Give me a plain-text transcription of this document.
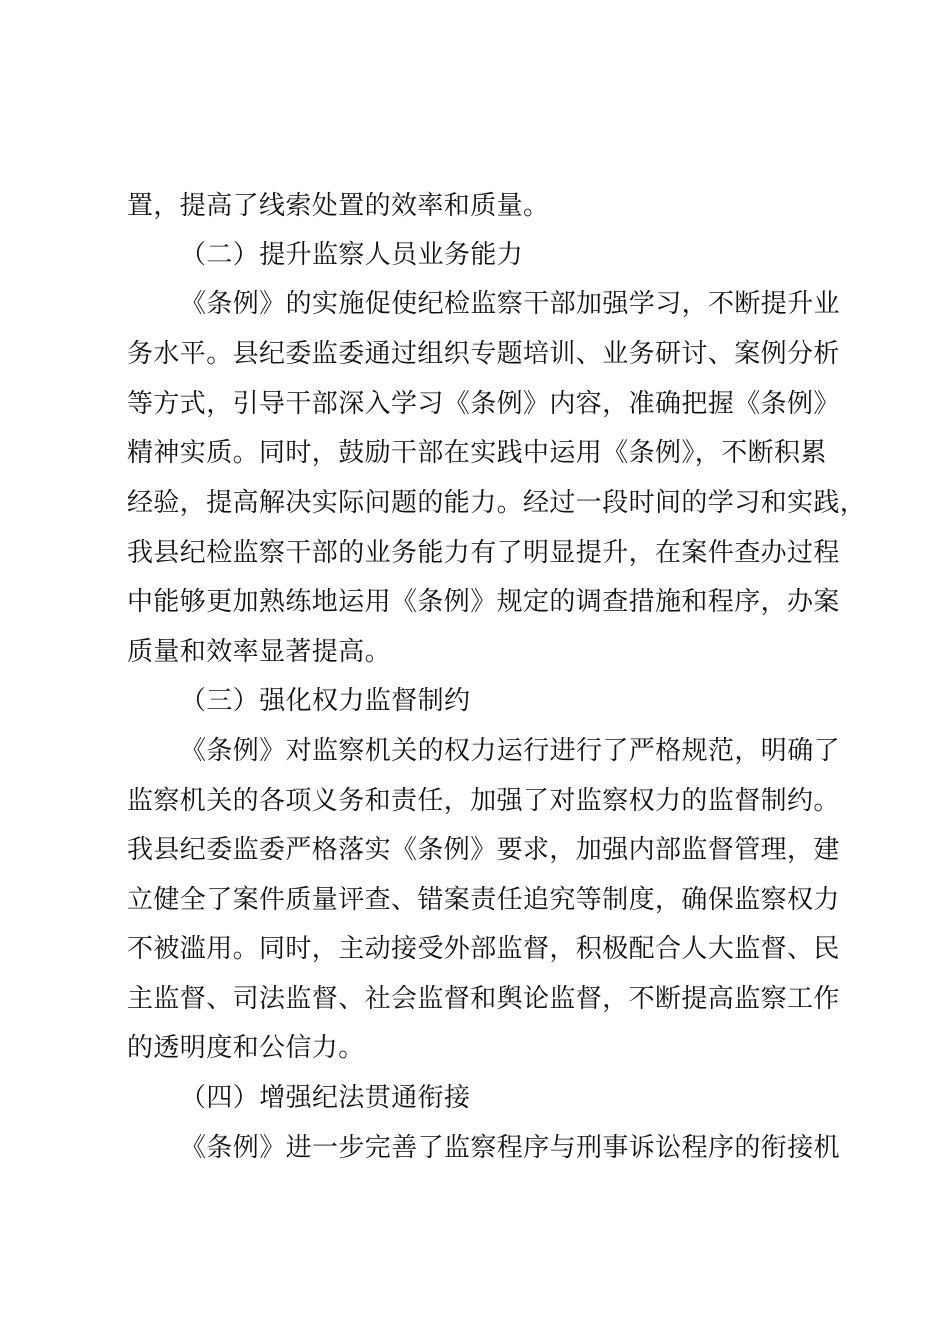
置，提高了线索处置的效率和质量。
（二）提升监察人员业务能力
《条例》的实施促使纪检监察干部加强学习，不断提升业
务水平。县纪委监委通过组织专题培训、业务研讨、案例分析
等方式，引导干部深入学习《条例》内容，准确把握《条例》
精神实质。同时，鼓励干部在实践中运用《条例》，不断积累
经验，提高解决实际问题的能力。经过一段时间的学习和实践，
我县纪检监察干部的业务能力有了明显提升，在案件查办过程
中能够更加熟练地运用《条例》规定的调查措施和程序，办案
质量和效率显著提高。
（三）强化权力监督制约
《条例》对监察机关的权力运行进行了严格规范，明确了
监察机关的各项义务和责任，加强了对监察权力的监督制约。
我县纪委监委严格落实《条例》要求，加强内部监督管理，建
立健全了案件质量评查、错案责任追究等制度，确保监察权力
不被滥用。同时，主动接受外部监督，积极配合人大监督、民
主监督、司法监督、社会监督和舆论监督，不断提高监察工作
的透明度和公信力。
（四）增强纪法贯通衔接
《条例》进一步完善了监察程序与刑事诉讼程序的衔接机
